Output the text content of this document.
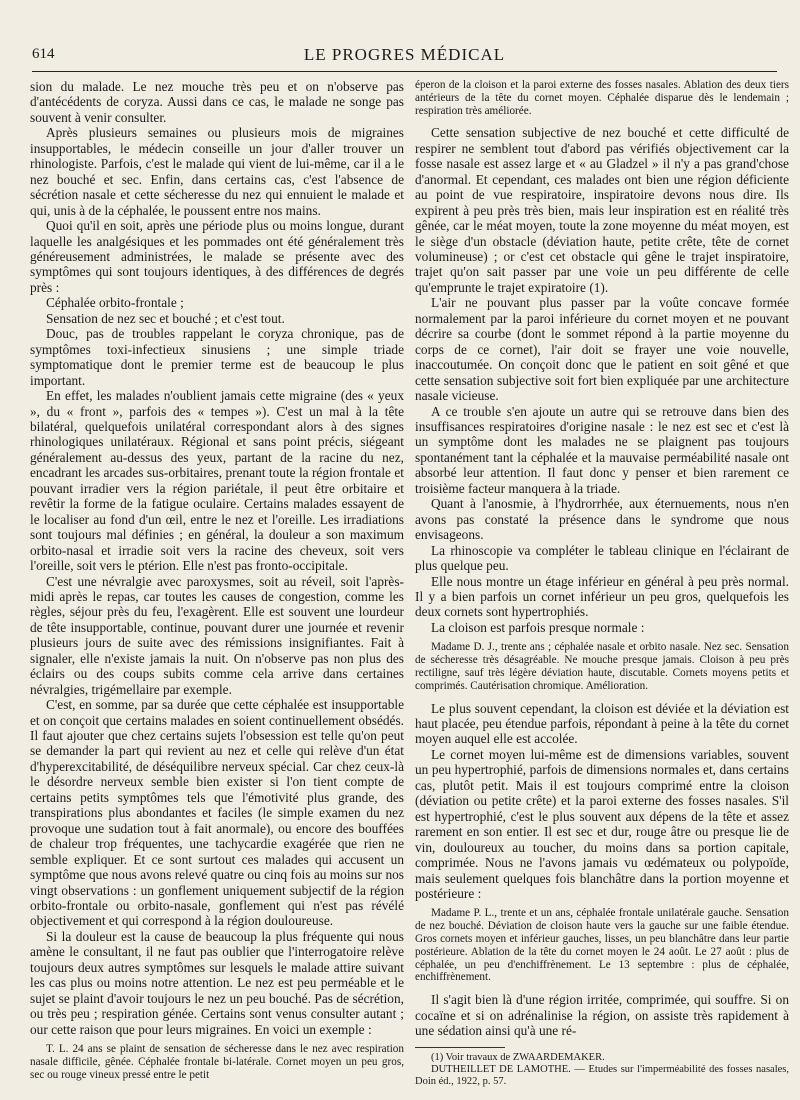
614	LE PROGRES MÉDICAL

sion du malade. Le nez mouche très peu et on n'observe pas d'antécédents de coryza. Aussi dans ce cas, le malade ne songe pas souvent à venir consulter.

Après plusieurs semaines ou plusieurs mois de migraines insupportables, le médecin conseille un jour d'aller trouver un rhinologiste. Parfois, c'est le malade qui vient de lui-même, car il a le nez bouché et sec. Enfin, dans certains cas, c'est l'absence de sécrétion nasale et cette sécheresse du nez qui ennuient le malade et qui, unis à de la céphalée, le poussent entre nos mains.

Quoi qu'il en soit, après une période plus ou moins longue, durant laquelle les analgésiques et les pommades ont été généralement très généreusement administrées, le malade se présente avec des symptômes qui sont toujours identiques, à des différences de degrés près :

Céphalée orbito-frontale ;

Sensation de nez sec et bouché ; et c'est tout.

Douc, pas de troubles rappelant le coryza chronique, pas de symptômes toxi-infectieux sinusiens ; une simple triade symptomatique dont le premier terme est de beaucoup le plus important.

En effet, les malades n'oublient jamais cette migraine (des « yeux », du « front », parfois des « tempes »). C'est un mal à la tête bilatéral, quelquefois unilatéral correspondant alors à des signes rhinologiques unilatéraux. Régional et sans point précis, siégeant généralement au-dessus des yeux, partant de la racine du nez, encadrant les arcades sus-orbitaires, prenant toute la région frontale et pouvant irradier vers la région pariétale, il peut être orbitaire et revêtir la forme de la fatigue oculaire. Certains malades essayent de le localiser au fond d'un œil, entre le nez et l'oreille. Les irradiations sont toujours mal définies ; en général, la douleur a son maximum orbito-nasal et irradie soit vers la racine des cheveux, soit vers l'oreille, soit vers le ptérion. Elle n'est pas fronto-occipitale.

C'est une névralgie avec paroxysmes, soit au réveil, soit l'après-midi après le repas, car toutes les causes de congestion, comme les règles, séjour près du feu, l'exagèrent. Elle est souvent une lourdeur de tête insupportable, continue, pouvant durer une journée et revenir plusieurs jours de suite avec des rémissions insignifiantes. Fait à signaler, elle n'existe jamais la nuit. On n'observe pas non plus des éclairs ou des coups subits comme cela arrive dans certaines névralgies, trigémellaire par exemple.

C'est, en somme, par sa durée que cette céphalée est insupportable et on conçoit que certains malades en soient continuellement obsédés. Il faut ajouter que chez certains sujets l'obsession est telle qu'on peut se demander la part qui revient au nez et celle qui relève d'un état d'hyperexcitabilité, de déséquilibre nerveux spécial. Car chez ceux-là le désordre nerveux semble bien exister si l'on tient compte de certains petits symptômes tels que l'émotivité plus grande, des transpirations plus abondantes et faciles (le simple examen du nez provoque une sudation tout à fait anormale), ou encore des bouffées de chaleur trop fréquentes, une tachycardie exagérée que rien ne semble expliquer. Et ce sont surtout ces malades qui accusent un symptôme que nous avons relevé quatre ou cinq fois au moins sur nos vingt observations : un gonflement uniquement subjectif de la région orbito-frontale ou orbito-nasale, gonflement qui n'est pas révélé objectivement et qui correspond à la région douloureuse.

Si la douleur est la cause de beaucoup la plus fréquente qui nous amène le consultant, il ne faut pas oublier que l'interrogatoire relève toujours deux autres symptômes sur lesquels le malade attire suivant les cas plus ou moins notre attention. Le nez est peu perméable et le sujet se plaint d'avoir toujours le nez un peu bouché. Pas de sécrétion, ou très peu ; respiration génée. Certains sont venus consulter autant ; our cette raison que pour leurs migraines. En voici un exemple :

T. L. 24 ans se plaint de sensation de sécheresse dans le nez avec respiration nasale difficile, gênée. Céphalée frontale bi-latérale. Cornet moyen un peu gros, sec ou rouge vineux pressé entre le petit

éperon de la cloison et la paroi externe des fosses nasales. Ablation des deux tiers antérieurs de la tête du cornet moyen. Céphalée disparue dès le lendemain ; respiration très améliorée.

Cette sensation subjective de nez bouché et cette difficulté de respirer ne semblent tout d'abord pas vérifiés objectivement car la fosse nasale est assez large et « au Gladzel » il n'y a pas grand'chose d'anormal. Et cependant, ces malades ont bien une région déficiente au point de vue respiratoire, inspiratoire devons nous dire. Ils expirent à peu près très bien, mais leur inspiration est en réalité très gênée, car le méat moyen, toute la zone moyenne du méat moyen, est le siège d'un obstacle (déviation haute, petite crête, tête de cornet volumineuse) ; or c'est cet obstacle qui gêne le trajet inspiratoire, trajet qu'on sait passer par une voie un peu différente de celle qu'emprunte le trajet expiratoire (1).

L'air ne pouvant plus passer par la voûte concave formée normalement par la paroi inférieure du cornet moyen et ne pouvant décrire sa courbe (dont le sommet répond à la partie moyenne du corps de ce cornet), l'air doit se frayer une voie nouvelle, inaccoutumée. On conçoit donc que le patient en soit gêné et que cette sensation subjective soit fort bien expliquée par une architecture nasale vicieuse.

A ce trouble s'en ajoute un autre qui se retrouve dans bien des insuffisances respiratoires d'origine nasale : le nez est sec et c'est là un symptôme dont les malades ne se plaignent pas toujours spontanément tant la céphalée et la mauvaise perméabilité nasale ont absorbé leur attention. Il faut donc y penser et bien rarement ce troisième facteur manquera à la triade.

Quant à l'anosmie, à l'hydrorrhée, aux éternuements, nous n'en avons pas constaté la présence dans le syndrome que nous envisageons.

La rhinoscopie va compléter le tableau clinique en l'éclairant de plus quelque peu.

Elle nous montre un étage inférieur en général à peu près normal. Il y a bien parfois un cornet inférieur un peu gros, quelquefois les deux cornets sont hypertrophiés.

La cloison est parfois presque normale :

Madame D. J., trente ans ; céphalée nasale et orbito nasale. Nez sec. Sensation de sécheresse très désagréable. Ne mouche presque jamais. Cloison à peu près rectiligne, sauf très légère déviation haute, discutable. Cornets moyens petits et comprimés. Cautérisation chromique. Amélioration.

Le plus souvent cependant, la cloison est déviée et la déviation est haut placée, peu étendue parfois, répondant à peine à la tête du cornet moyen auquel elle est accolée.

Le cornet moyen lui-même est de dimensions variables, souvent un peu hypertrophié, parfois de dimensions normales et, dans certains cas, plutôt petit. Mais il est toujours comprimé entre la cloison (déviation ou petite crête) et la paroi externe des fosses nasales. S'il est hypertrophié, c'est le plus souvent aux dépens de la tête et assez rarement en son entier. Il est sec et dur, rouge âtre ou presque lie de vin, douloureux au toucher, du moins dans sa portion capitale, comprimée. Nous ne l'avons jamais vu œdémateux ou polypoïde, mais seulement quelques fois blanchâtre dans la portion moyenne et postérieure :

Madame P. L., trente et un ans, céphalée frontale unilatérale gauche. Sensation de nez bouché. Déviation de cloison haute vers la gauche sur une faible étendue. Gros cornets moyen et inférieur gauches, lisses, un peu blanchâtre dans leur partie postérieure. Ablation de la tête du cornet moyen le 24 août. Le 27 août : plus de céphalée, un peu d'enchiffrènement. Le 13 septembre : plus de céphalée, enchiffrènement.

Il s'agit bien là d'une région irritée, comprimée, qui souffre. Si on cocaïne et si on adrénalinise la région, on assiste très rapidement à une sédation ainsi qu'à une ré-

(1) Voir travaux de ZWAARDEMAKER.

DUTHEILLET DE LAMOTHE. — Etudes sur l'imperméabilité des fosses nasales, Doin éd., 1922, p. 57.
